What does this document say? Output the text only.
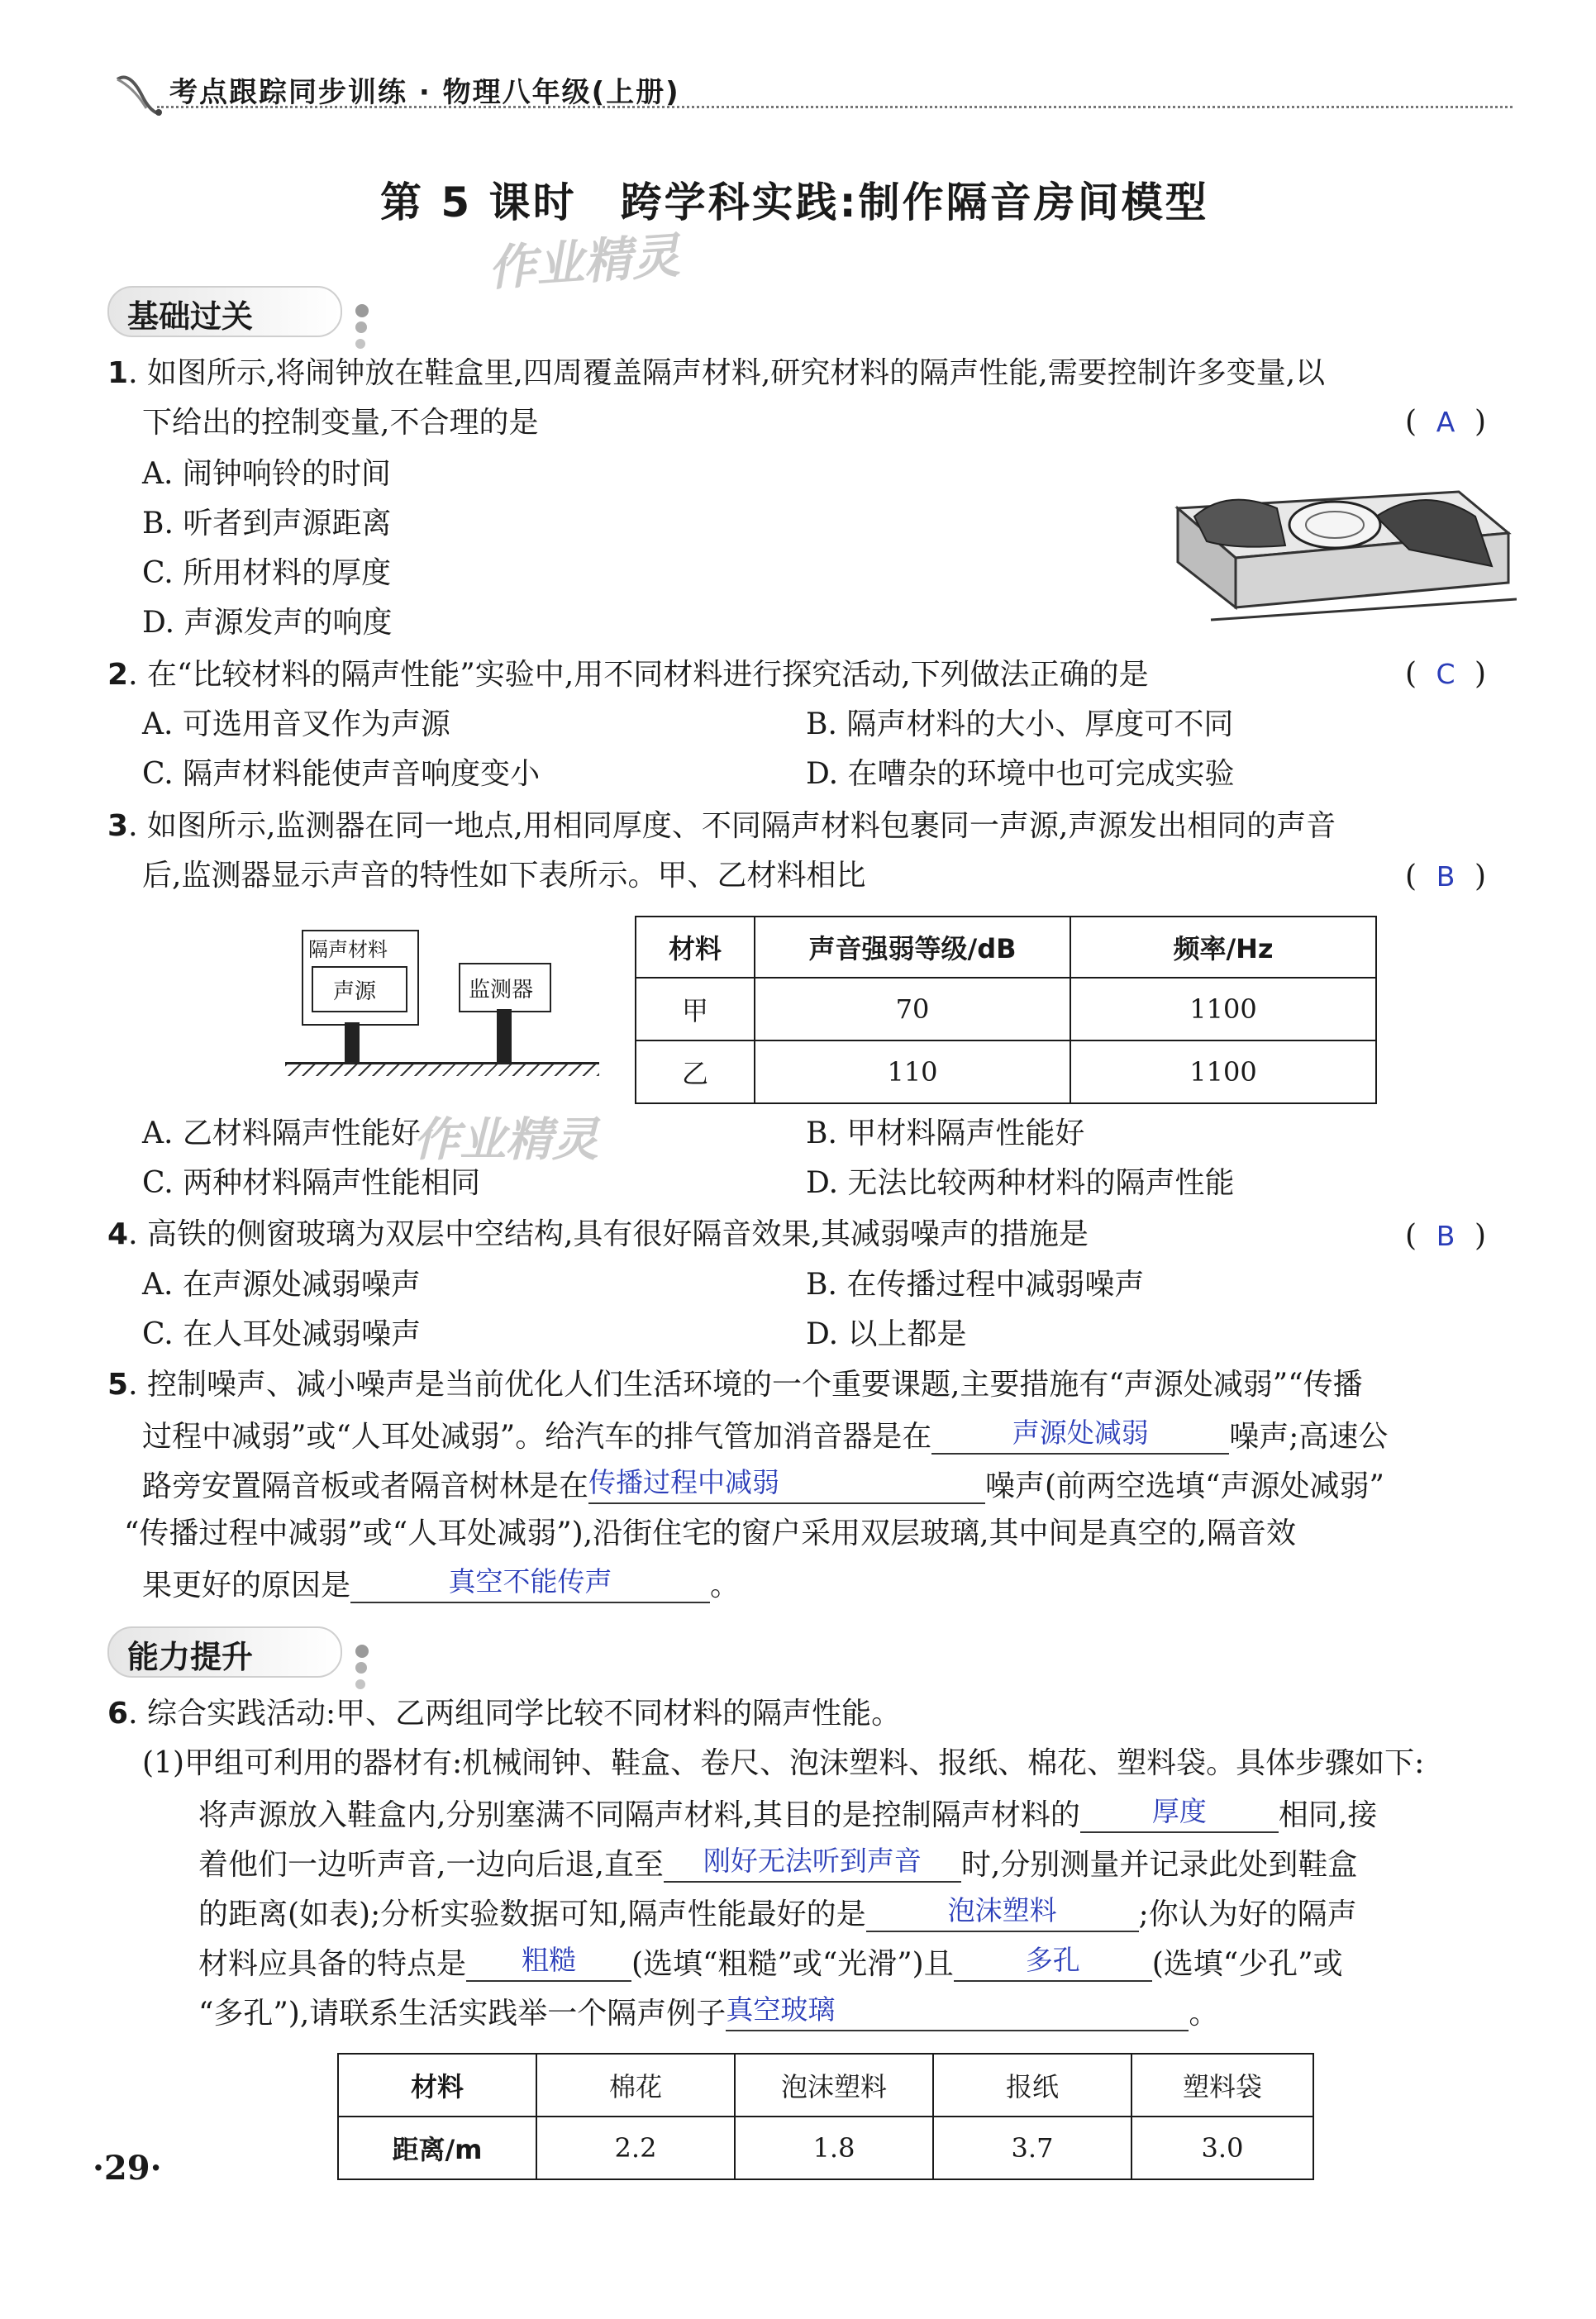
考点跟踪同步训练 · 物理八年级(上册)
第 5 课时　跨学科实践:制作隔音房间模型
作业精灵
基础过关
1. 如图所示,将闹钟放在鞋盒里,四周覆盖隔声材料,研究材料的隔声性能,需要控制许多变量,以
下给出的控制变量,不合理的是	( A )
A. 闹钟响铃的时间
B. 听者到声源距离
C. 所用材料的厚度
D. 声源发声的响度
2. 在“比较材料的隔声性能”实验中,用不同材料进行探究活动,下列做法正确的是	( C )
A. 可选用音叉作为声源	B. 隔声材料的大小、厚度可不同
C. 隔声材料能使声音响度变小	D. 在嘈杂的环境中也可完成实验
3. 如图所示,监测器在同一地点,用相同厚度、不同隔声材料包裹同一声源,声源发出相同的声音
后,监测器显示声音的特性如下表所示。甲、乙材料相比	( B )
隔声材料
声源	监测器
材料	声音强弱等级/dB	频率/Hz
甲	70	1100
乙	110	1100
A. 乙材料隔声性能好
作业精灵	B. 甲材料隔声性能好
C. 两种材料隔声性能相同	D. 无法比较两种材料的隔声性能
4. 高铁的侧窗玻璃为双层中空结构,具有很好隔音效果,其减弱噪声的措施是	( B )
A. 在声源处减弱噪声	B. 在传播过程中减弱噪声
C. 在人耳处减弱噪声	D. 以上都是
5. 控制噪声、减小噪声是当前优化人们生活环境的一个重要课题,主要措施有“声源处减弱”“传播
过程中减弱”或“人耳处减弱”。给汽车的排气管加消音器是在	声源处减弱	噪声;高速公
路旁安置隔音板或者隔音树林是在传播过程中减弱	噪声(前两空选填“声源处减弱”
“传播过程中减弱”或“人耳处减弱”),沿街住宅的窗户采用双层玻璃,其中间是真空的,隔音效
果更好的原因是	真空不能传声	。
能力提升
6. 综合实践活动:甲、乙两组同学比较不同材料的隔声性能。
(1)甲组可利用的器材有:机械闹钟、鞋盒、卷尺、泡沫塑料、报纸、棉花、塑料袋。具体步骤如下:
将声源放入鞋盒内,分别塞满不同隔声材料,其目的是控制隔声材料的	厚度 相同,接
着他们一边听声音,一边向后退,直至 刚好无法听到声音 时,分别测量并记录此处到鞋盒
的距离(如表);分析实验数据可知,隔声性能最好的是	泡沫塑料	;你认为好的隔声
材料应具备的特点是 粗糙 (选填“粗糙”或“光滑”)且	多孔 (选填“少孔”或
“多孔”),请联系生活实践举一个隔声例子真空玻璃	。
材料	棉花	泡沫塑料	报纸	塑料袋
距离/m	2.2	1.8	3.7	3.0
·29·
